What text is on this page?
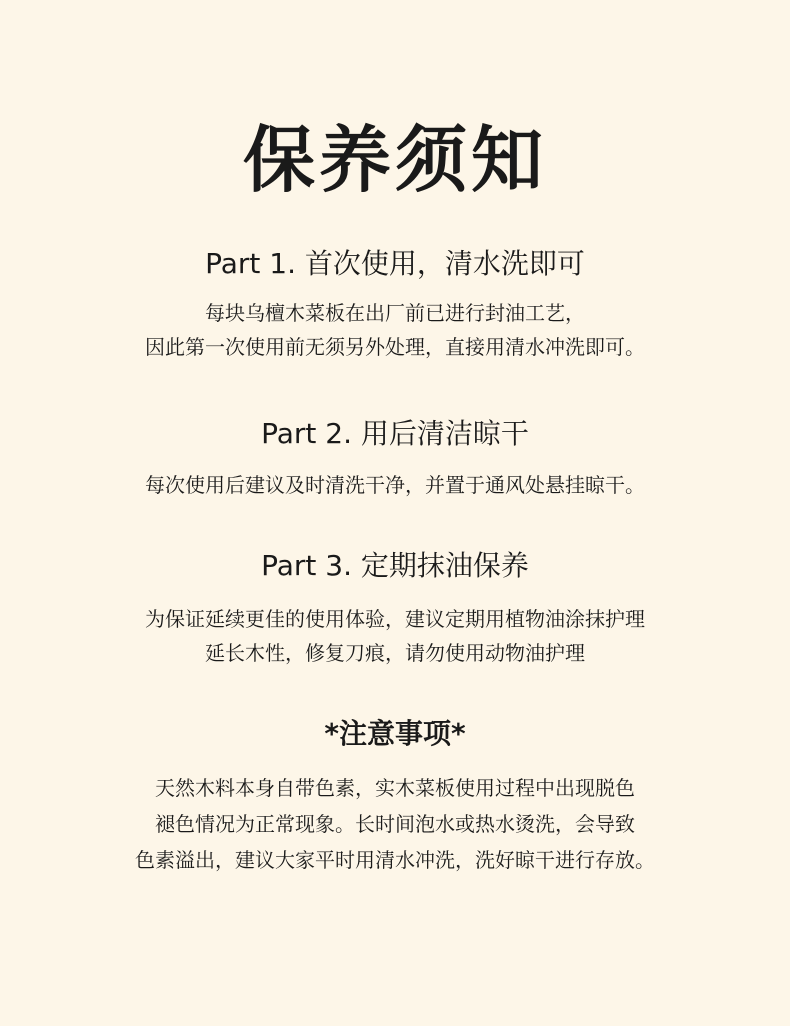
保养须知
Part 1. 首次使用，清水洗即可

每块乌檀木菜板在出厂前已进行封油工艺，

因此第一次使用前无须另外处理，直接用清水冲洗即可。

Part 2. 用后清洁晾干

每次使用后建议及时清洗干净，并置于通风处悬挂晾干。

Part 3. 定期抹油保养

为保证延续更佳的使用体验，建议定期用植物油涂抹护理

延长木性，修复刀痕，请勿使用动物油护理

*注意事项*

天然木料本身自带色素，实木菜板使用过程中出现脱色

褪色情况为正常现象。长时间泡水或热水烫洗，会导致

色素溢出，建议大家平时用清水冲洗，洗好晾干进行存放。
